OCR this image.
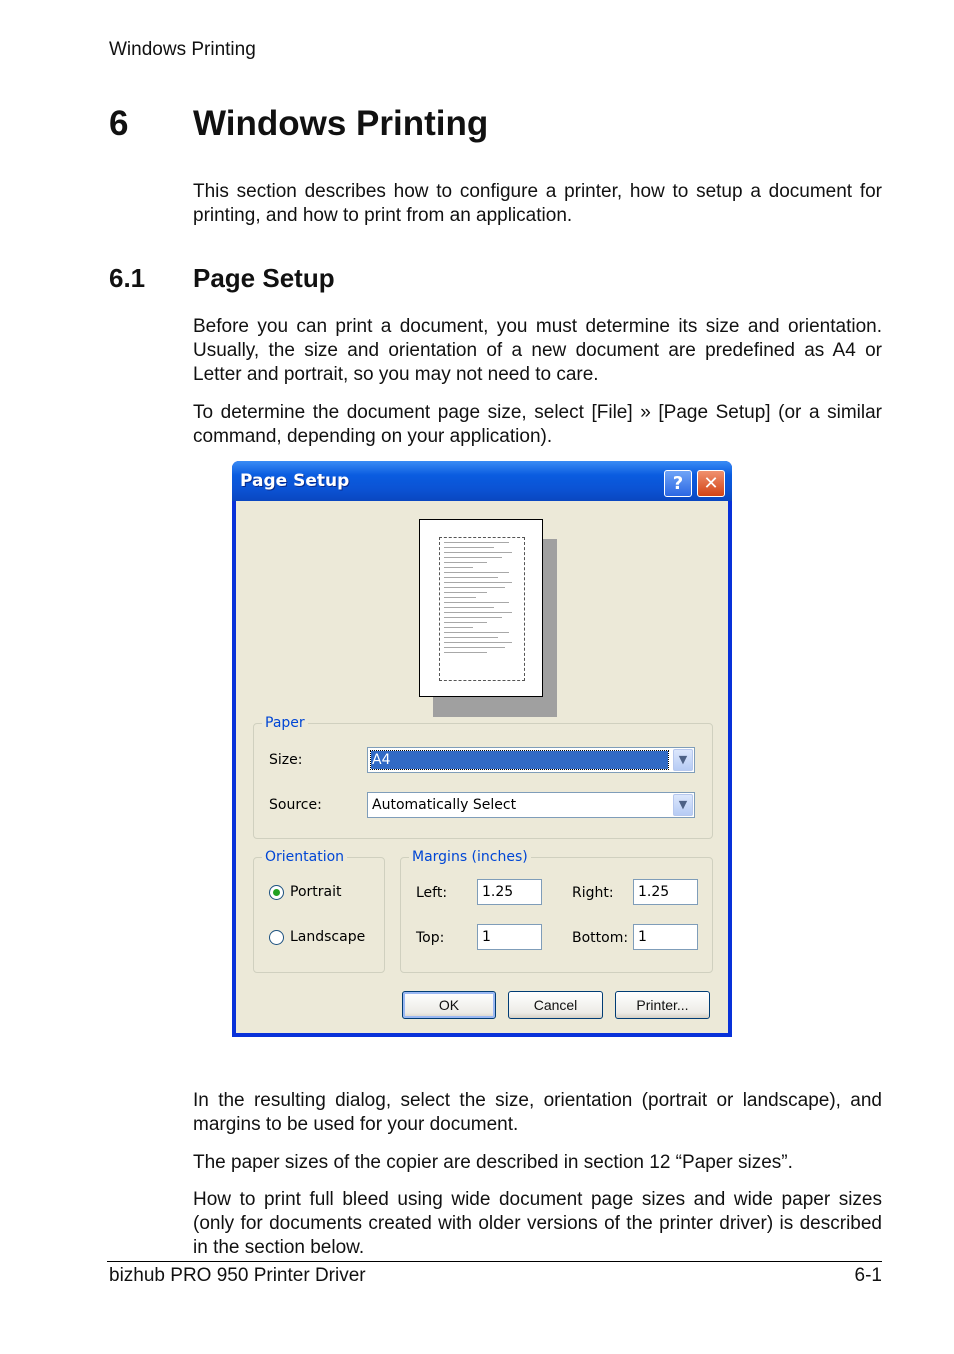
Windows Printing
6 Windows Printing

This section describes how to configure a printer, how to setup a document for printing, and how to print from an application.

6.1 Page Setup

Before you can print a document, you must determine its size and orientation. Usually, the size and orientation of a new document are predefined as A4 or Letter and portrait, so you may not need to care.

To determine the document page size, select [File] » [Page Setup] (or a similar command, depending on your application).

Page Setup	?	✕
Paper
Size:	A4	▼
Source:	Automatically Select	▼
Orientation
Portrait
Landscape
Margins (inches)
Left:	1.25	Right:	1.25
Top:	1	Bottom: 1
OK	Cancel	Printer...

In the resulting dialog, select the size, orientation (portrait or landscape), and margins to be used for your document.

The paper sizes of the copier are described in section 12 “Paper sizes”.

How to print full bleed using wide document page sizes and wide paper sizes (only for documents created with older versions of the printer driver) is described in the section below.

bizhub PRO 950 Printer Driver	6-1
